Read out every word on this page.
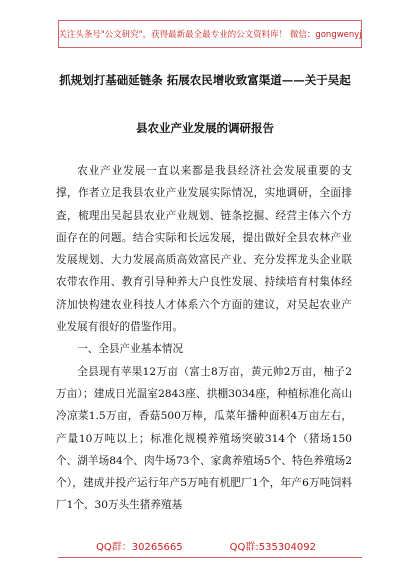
关注头条号"公文研究"，获得最新最全最专业的公文资料库！ 微信：gongwenyj
抓规划打基础延链条 拓展农民增收致富渠道——关于吴起
县农业产业发展的调研报告

农业产业发展一直以来都是我县经济社会发展重要的支撑，作者立足我县农业产业发展实际情况，实地调研，全面排查，梳理出吴起县农业产业规划、链条挖掘、经营主体六个方面存在的问题。结合实际和长远发展，提出做好全县农林产业发展规划、大力发展高质高效富民产业、充分发挥龙头企业联农带农作用、教育引导种养大户良性发展、持续培育村集体经济加快构建农业科技人才体系六个方面的建议，对吴起农业产业发展有很好的借鉴作用。

一、全县产业基本情况

全县现有苹果12万亩（富士8万亩，黄元帅2万亩，柚子2万亩）；建成日光温室2843座、拱棚3034座，种植标准化高山冷凉菜1.5万亩，香菇500万棒，瓜菜年播种面积4万亩左右，产量10万吨以上；标准化规模养殖场突破314个（猪场150个、湖羊场84个、肉牛场73个、家禽养殖场5个、特色养殖场2个），建成并投产运行年产5万吨有机肥厂1个，年产6万吨饲料厂1个、30万头生猪养殖基

QQ群：30265665	QQ群:535304092
